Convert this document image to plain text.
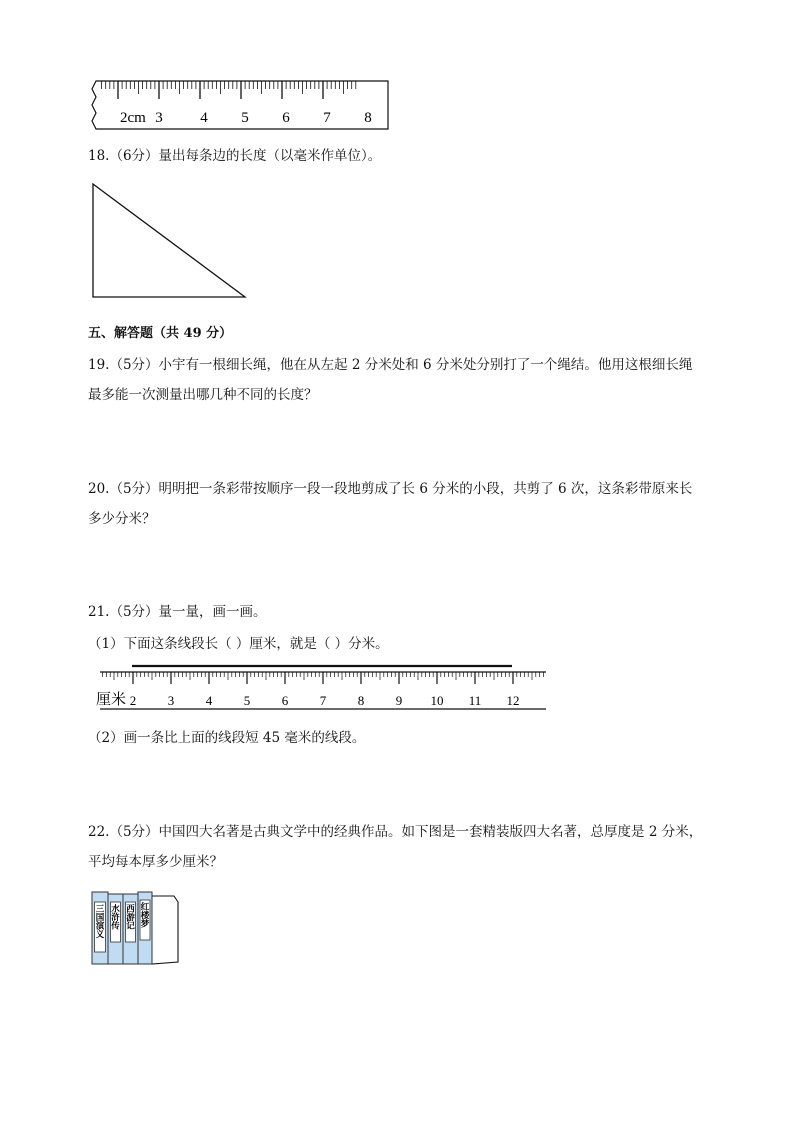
2cm 3	4 5 6 7 8
18.（6分）量出每条边的长度（以毫米作单位）。
五、解答题（共 49 分）
19.（5分）小宇有一根细长绳，他在从左起 2 分米处和 6 分米处分别打了一个绳结。他用这根细长绳
最多能一次测量出哪几种不同的长度？
20.（5分）明明把一条彩带按顺序一段一段地剪成了长 6 分米的小段，共剪了 6 次，这条彩带原来长
多少分米？
21.（5分）量一量，画一画。
（1）下面这条线段长（ ）厘米，就是（ ）分米。
厘米 2 3 4 5 6 7 8 9 10 11 12
（2）画一条比上面的线段短 45 毫米的线段。
22.（5分）中国四大名著是古典文学中的经典作品。如下图是一套精装版四大名著，总厚度是 2 分米，
平均每本厚多少厘米？
三国演义 水浒传 西游记 红楼梦
